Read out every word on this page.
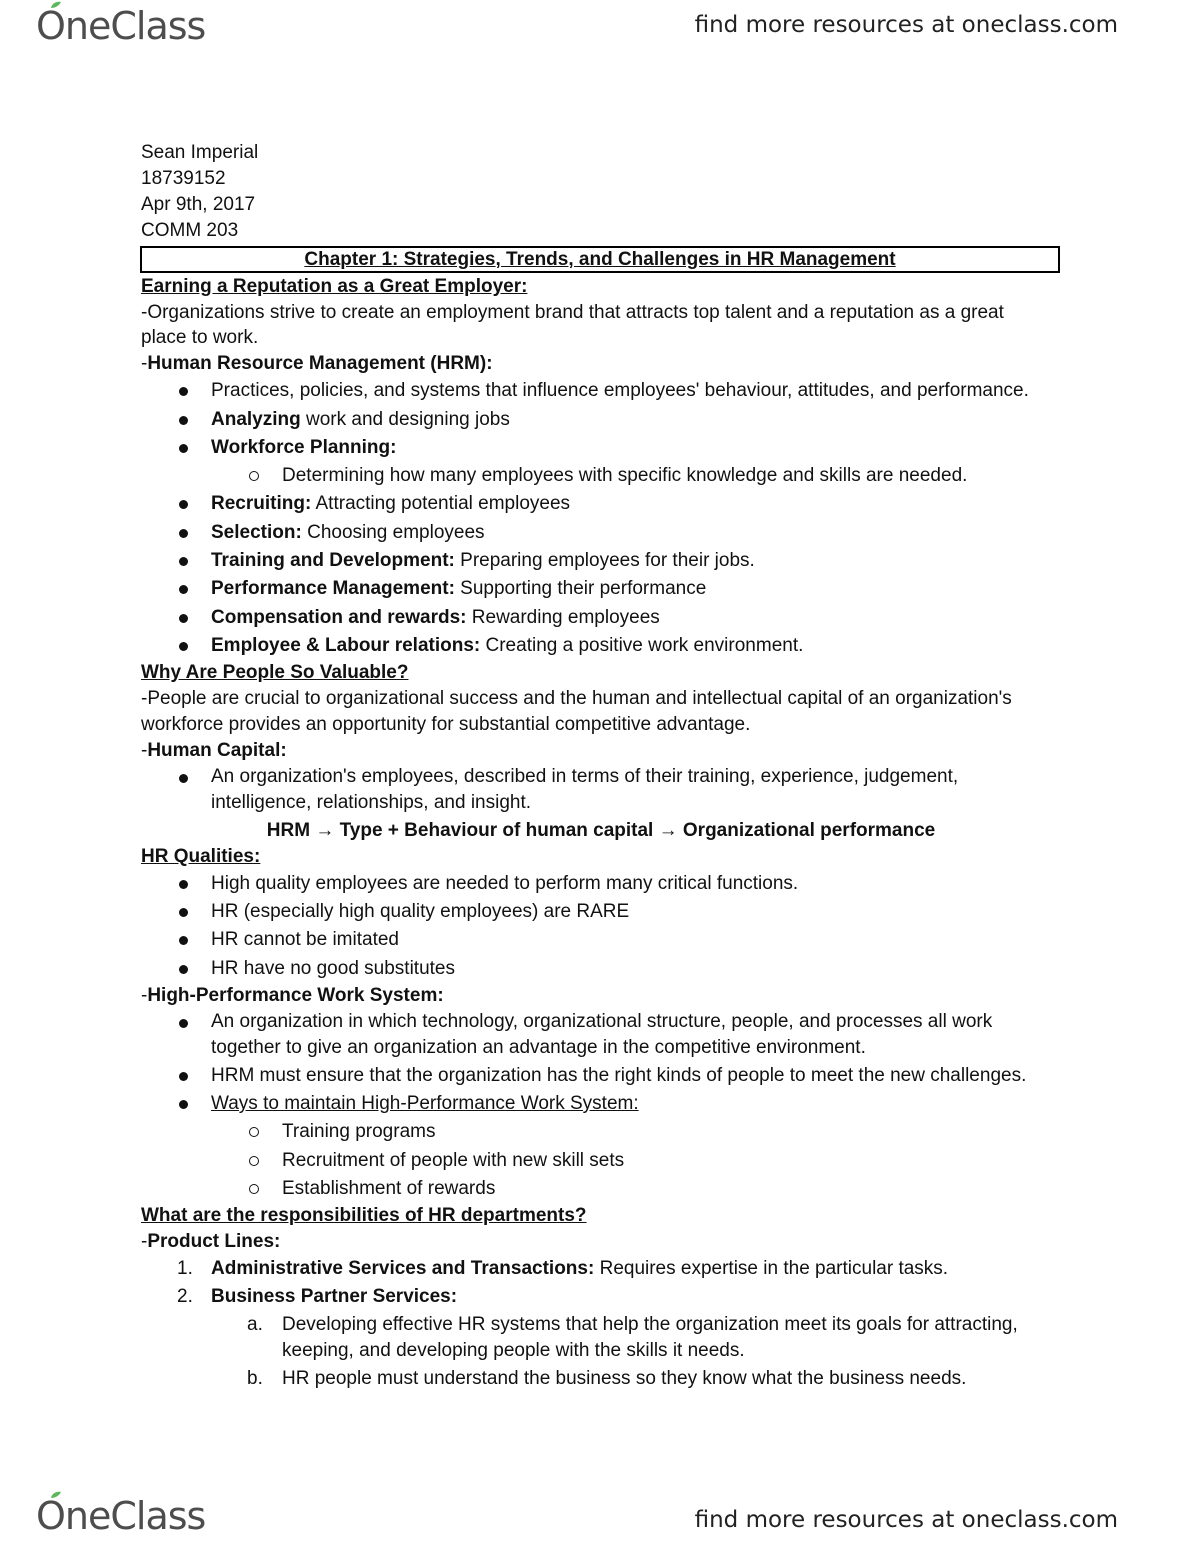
OneClass	find more resources at oneclass.com
Sean Imperial
18739152
Apr 9th, 2017
COMM 203
Chapter 1: Strategies, Trends, and Challenges in HR Management
Earning a Reputation as a Great Employer:
-Organizations strive to create an employment brand that attracts top talent and a reputation as a great
place to work.
-Human Resource Management (HRM):
Practices, policies, and systems that influence employees' behaviour, attitudes, and performance.
Analyzing work and designing jobs
Workforce Planning:
Determining how many employees with specific knowledge and skills are needed.
Recruiting: Attracting potential employees
Selection: Choosing employees
Training and Development: Preparing employees for their jobs.
Performance Management: Supporting their performance
Compensation and rewards: Rewarding employees
Employee & Labour relations: Creating a positive work environment.
Why Are People So Valuable?
-People are crucial to organizational success and the human and intellectual capital of an organization's
workforce provides an opportunity for substantial competitive advantage.
-Human Capital:
An organization's employees, described in terms of their training, experience, judgement,
intelligence, relationships, and insight.
HRM → Type + Behaviour of human capital → Organizational performance
HR Qualities:
High quality employees are needed to perform many critical functions.
HR (especially high quality employees) are RARE
HR cannot be imitated
HR have no good substitutes
-High-Performance Work System:
An organization in which technology, organizational structure, people, and processes all work
together to give an organization an advantage in the competitive environment.
HRM must ensure that the organization has the right kinds of people to meet the new challenges.
Ways to maintain High-Performance Work System:
Training programs
Recruitment of people with new skill sets
Establishment of rewards
What are the responsibilities of HR departments?
-Product Lines:
1. Administrative Services and Transactions: Requires expertise in the particular tasks.
2. Business Partner Services:
a. Developing effective HR systems that help the organization meet its goals for attracting,
keeping, and developing people with the skills it needs.
b. HR people must understand the business so they know what the business needs.
OneClass	find more resources at oneclass.com
